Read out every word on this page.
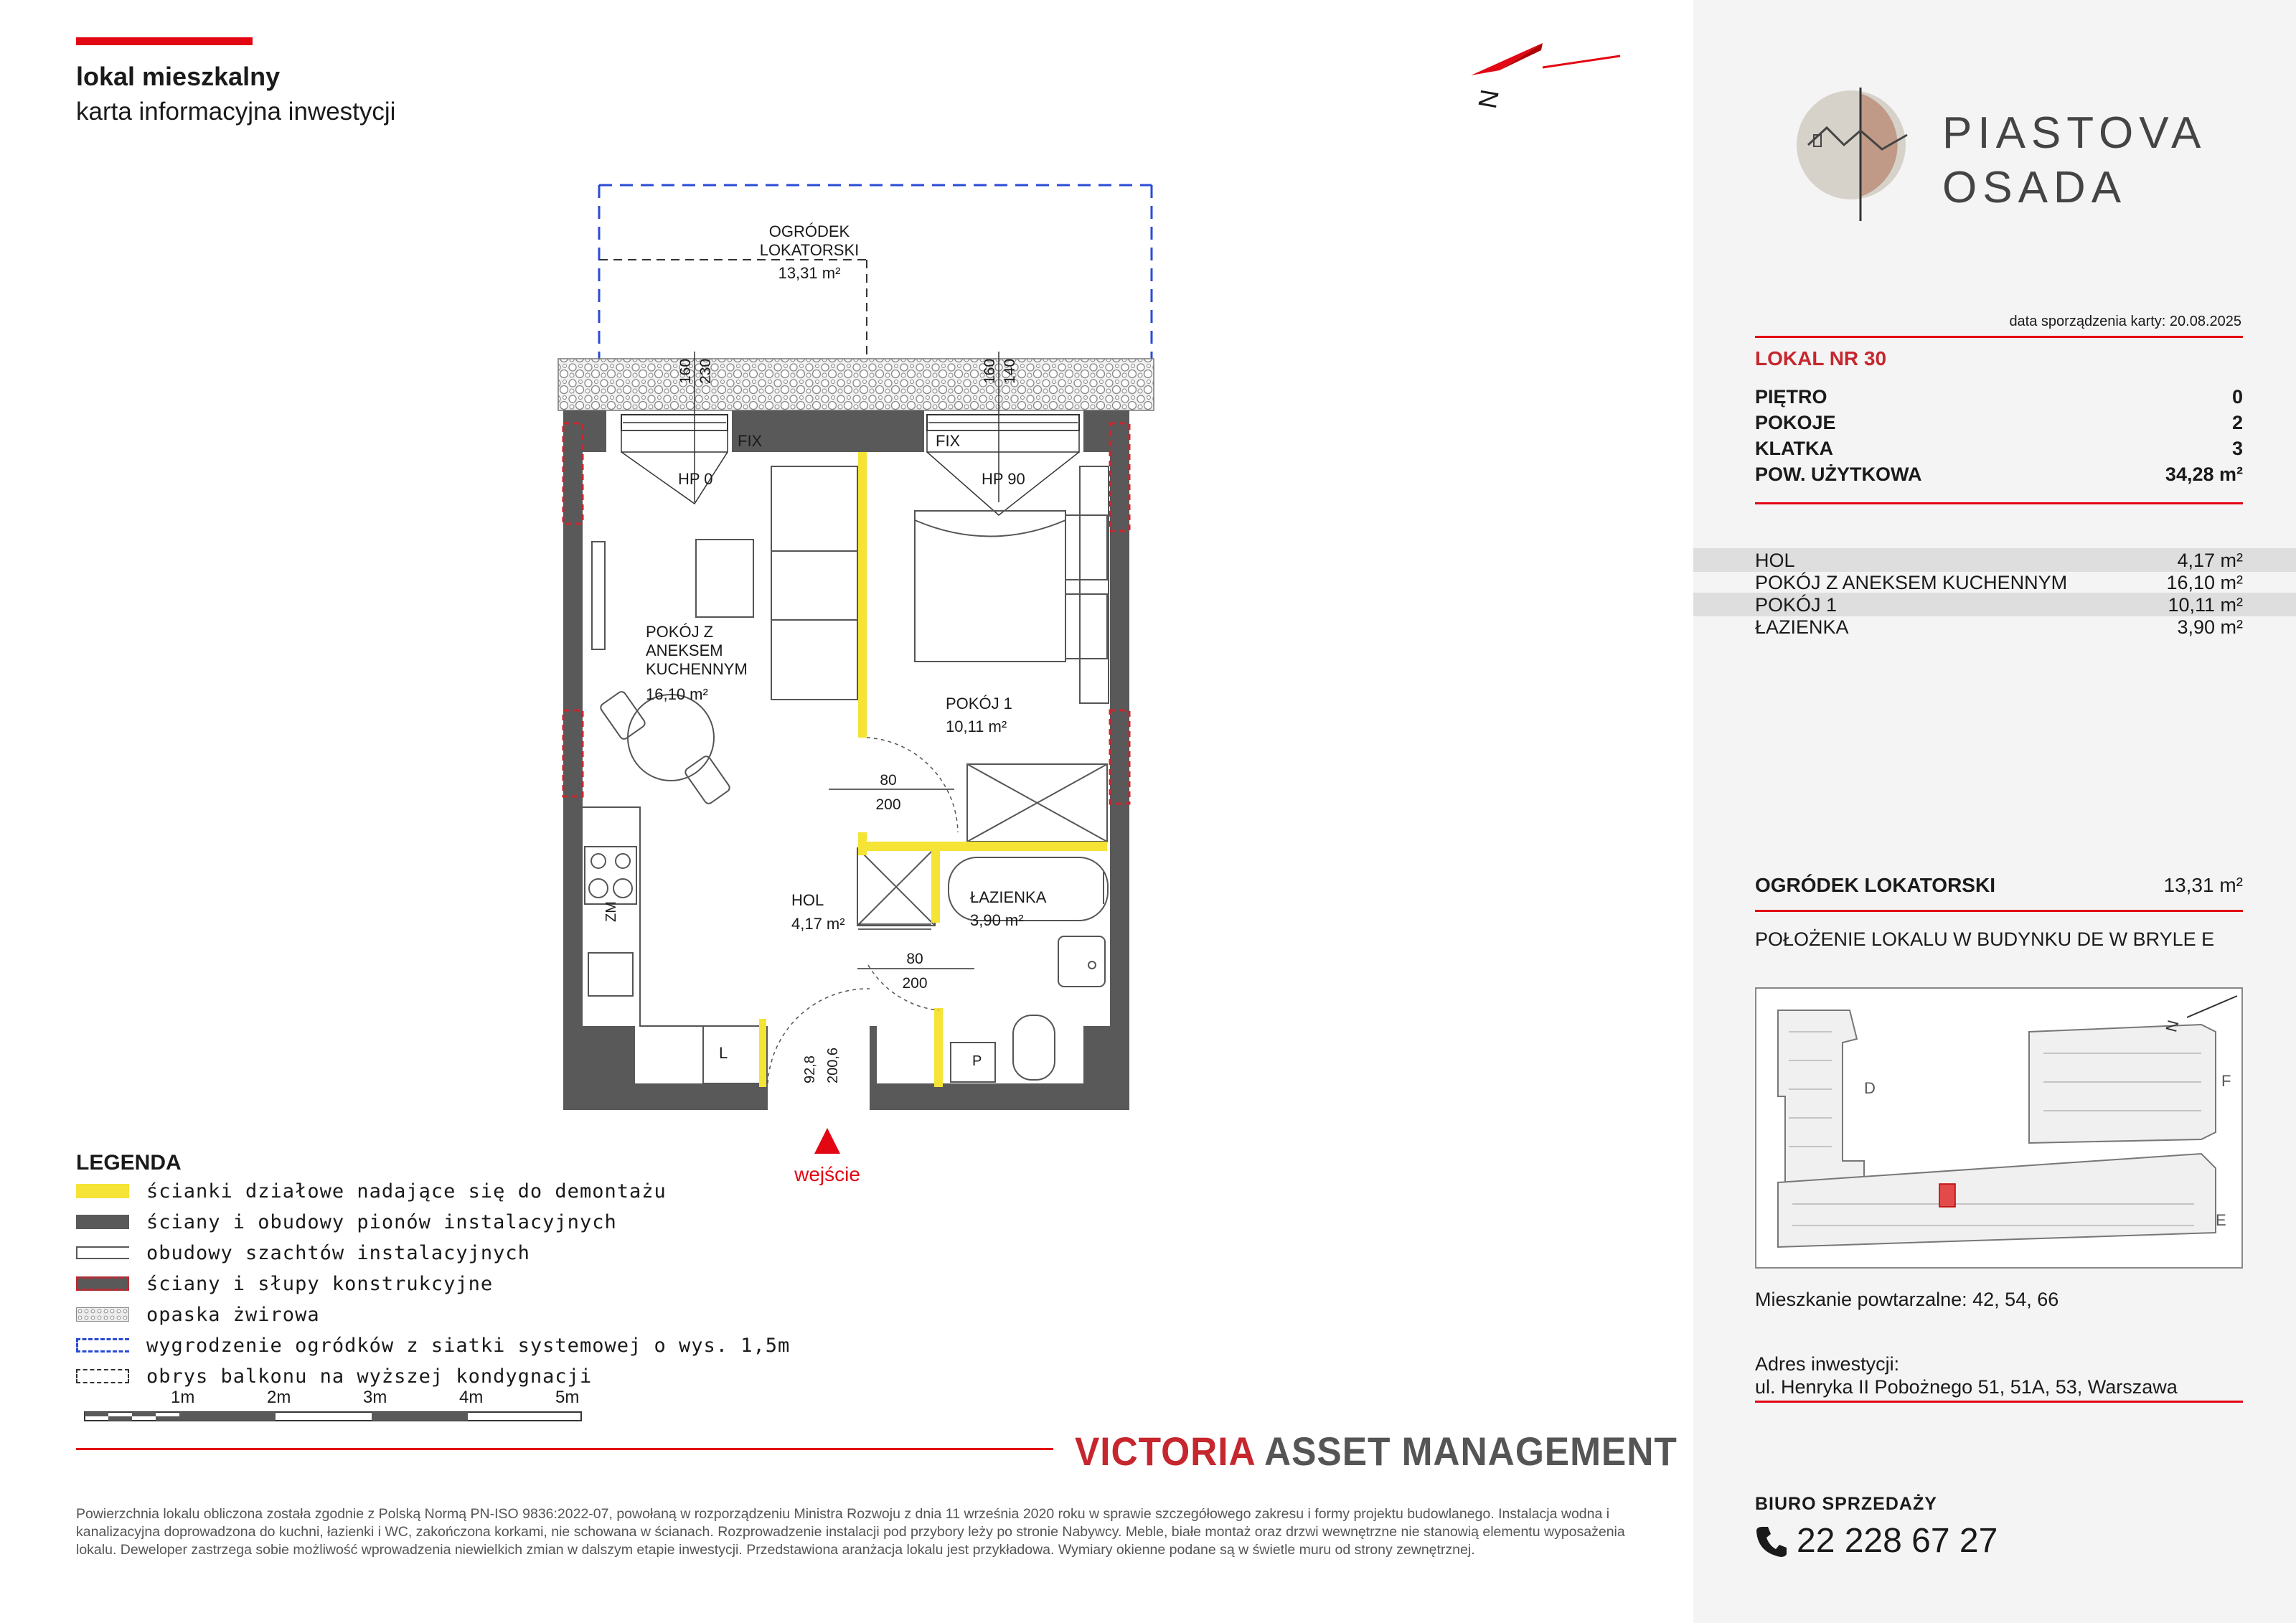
lokal mieszkalny
karta informacyjna inwestycji	N
OGRÓDEK
LOKATORSKI
13,31 m²
FIX	FIX
160 230	160 140
HP 0	HP 90
ZM
L	P
80
200
80
200
92,8 200,6
POKÓJ Z
ANEKSEM
KUCHENNYM
16,10 m²
POKÓJ 1
10,11 m²
HOL
4,17 m²
ŁAZIENKA
3,90 m²
wejście
LEGENDA
ścianki działowe nadające się do demontażu
ściany i obudowy pionów instalacyjnych
obudowy szachtów instalacyjnych
ściany i słupy konstrukcyjne
opaska żwirowa
wygrodzenie ogródków z siatki systemowej o wys. 1,5m
obrys balkonu na wyższej kondygnacji
1m	2m	3m	4m	5m
VICTORIA ASSET MANAGEMENT
Powierzchnia lokalu obliczona została zgodnie z Polską Normą PN-ISO 9836:2022-07, powołaną w rozporządzeniu Ministra Rozwoju z dnia 11 września 2020 roku w sprawie szczegółowego zakresu i formy projektu budowlanego. Instalacja wodna i kanalizacyjna doprowadzona do kuchni, łazienki i WC, zakończona korkami, nie schowana w ścianach. Rozprowadzenie instalacji pod przybory leży po stronie Nabywcy. Meble, białe montaż oraz drzwi wewnętrzne nie stanowią elementu wyposażenia lokalu. Deweloper zastrzega sobie możliwość wprowadzenia niewielkich zmian w dalszym etapie inwestycji. Przedstawiona aranżacja lokalu jest przykładowa. Wymiary okienne podane są w świetle muru od strony zewnętrznej.
PIASTOVA
OSADA
data sporządzenia karty: 20.08.2025
LOKAL NR 30
PIĘTRO	0
POKOJE	2
KLATKA	3
POW. UŻYTKOWA	34,28 m²
HOL	4,17 m²
POKÓJ Z ANEKSEM KUCHENNYM	16,10 m²
POKÓJ 1	10,11 m²
ŁAZIENKA	3,90 m²
OGRÓDEK LOKATORSKI	13,31 m²
POŁOŻENIE LOKALU W BUDYNKU DE W BRYLE E
D	F
E
N
Mieszkanie powtarzalne: 42, 54, 66
Adres inwestycji:
ul. Henryka II Pobożnego 51, 51A, 53, Warszawa
BIURO SPRZEDAŻY
22 228 67 27
